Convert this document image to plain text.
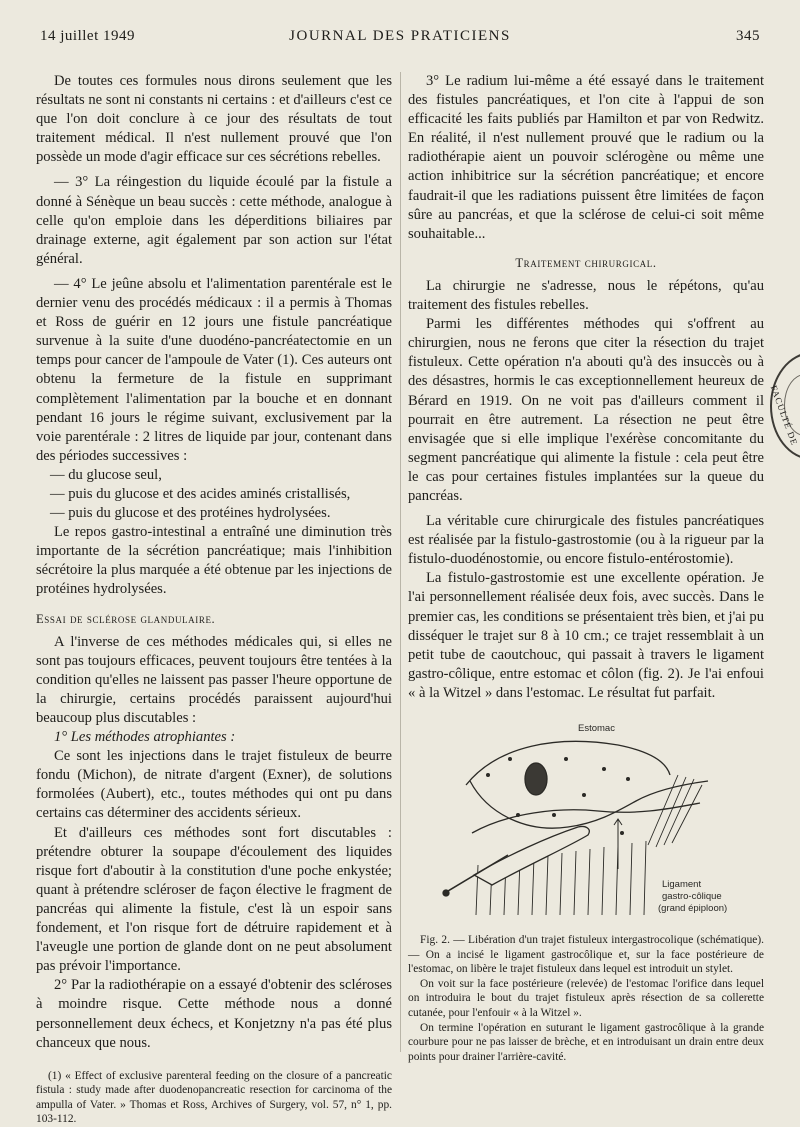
14 juillet 1949	JOURNAL DES PRATICIENS	345

De toutes ces formules nous dirons seulement que les résultats ne sont ni constants ni certains : et d'ailleurs c'est ce que l'on doit conclure à ce jour des résultats de tout traitement médical. Il n'est nullement prouvé que l'on possède un mode d'agir efficace sur ces sécrétions rebelles.

— 3° La réingestion du liquide écoulé par la fistule a donné à Sénèque un beau succès : cette méthode, analogue à celle qu'on emploie dans les déperditions biliaires par drainage externe, agit également par son action sur l'état général.

— 4° Le jeûne absolu et l'alimentation parentérale est le dernier venu des procédés médicaux : il a permis à Thomas et Ross de guérir en 12 jours une fistule pancréatique survenue à la suite d'une duodéno-pancréatectomie en un temps pour cancer de l'ampoule de Vater (1). Ces auteurs ont obtenu la fermeture de la fistule en supprimant complètement l'alimentation par la bouche et en donnant pendant 16 jours le régime suivant, exclusivement par la voie parentérale : 2 litres de liquide par jour, contenant dans des périodes successives :

— du glucose seul,
— puis du glucose et des acides aminés cristallisés,
— puis du glucose et des protéines hydrolysées.

Le repos gastro-intestinal a entraîné une diminution très importante de la sécrétion pancréatique; mais l'inhibition sécrétoire la plus marquée a été obtenue par les injections de protéines hydrolysées.

Essai de sclérose glandulaire.

A l'inverse de ces méthodes médicales qui, si elles ne sont pas toujours efficaces, peuvent toujours être tentées à la condition qu'elles ne laissent pas passer l'heure opportune de la chirurgie, certains procédés paraissent aujourd'hui beaucoup plus discutables :

1° Les méthodes atrophiantes :

Ce sont les injections dans le trajet fistuleux de beurre fondu (Michon), de nitrate d'argent (Exner), de solutions formolées (Aubert), etc., toutes méthodes qui ont pu dans certains cas déterminer des accidents sérieux.

Et d'ailleurs ces méthodes sont fort discutables : prétendre obturer la soupape d'écoulement des liquides risque fort d'aboutir à la constitution d'une poche enkystée; quant à prétendre scléroser de façon élective le fragment de pancréas qui alimente la fistule, c'est là un espoir sans fondement, et l'on risque fort de détruire rapidement et à l'aveugle une portion de glande dont on ne peut absolument pas prévoir l'importance.

2° Par la radiothérapie on a essayé d'obtenir des scléroses à moindre risque. Cette méthode nous a donné personnellement deux échecs, et Konjetzny n'a pas été plus chanceux que nous.

(1) « Effect of exclusive parenteral feeding on the closure of a pancreatic fistula : study made after duodenopancreatic resection for carcinoma of the ampulla of Vater. » Thomas et Ross, Archives of Surgery, vol. 57, n° 1, pp. 103-112.

3° Le radium lui-même a été essayé dans le traitement des fistules pancréatiques, et l'on cite à l'appui de son efficacité les faits publiés par Hamilton et par von Redwitz. En réalité, il n'est nullement prouvé que le radium ou la radiothérapie aient un pouvoir sclérogène ou même une action inhibitrice sur la sécrétion pancréatique; et encore faudrait-il que les radiations puissent être limitées de façon sûre au pancréas, et que la sclérose de celui-ci soit même souhaitable...

Traitement chirurgical.

La chirurgie ne s'adresse, nous le répétons, qu'au traitement des fistules rebelles.

Parmi les différentes méthodes qui s'offrent au chirurgien, nous ne ferons que citer la résection du trajet fistuleux. Cette opération n'a abouti qu'à des insuccès ou à des désastres, hormis le cas exceptionnellement heureux de Bérard en 1919. On ne voit pas d'ailleurs comment il pourrait en être autrement. La résection ne peut être envisagée que si elle implique l'exérèse concomitante du segment pancréatique qui alimente la fistule : cela peut être le cas pour certaines fistules implantées sur la queue du pancréas.

La véritable cure chirurgicale des fistules pancréatiques est réalisée par la fistulo-gastrostomie (ou à la rigueur par la fistulo-duodénostomie, ou encore fistulo-entérostomie).

La fistulo-gastrostomie est une excellente opération. Je l'ai personnellement réalisée deux fois, avec succès. Dans le premier cas, les conditions se présentaient très bien, et j'ai pu disséquer le trajet sur 8 à 10 cm.; ce trajet ressemblait à un petit tube de caoutchouc, qui passait à travers le ligament gastro-côlique, entre estomac et côlon (fig. 2). Je l'ai enfoui « à la Witzel » dans l'estomac. Le résultat fut parfait.

Estomac
Ligament
gastro-côlique
(grand épiploon)

Fig. 2. — Libération d'un trajet fistuleux intergastrocolique (schématique). — On a incisé le ligament gastrocôlique et, sur la face postérieure de l'estomac, on libère le trajet fistuleux dans lequel est introduit un stylet.

On voit sur la face postérieure (relevée) de l'estomac l'orifice dans lequel on introduira le bout du trajet fistuleux après résection de sa collerette cutanée, pour l'enfouir « à la Witzel ».

On termine l'opération en suturant le ligament gastrocôlique à la grande courbure pour ne pas laisser de brèche, et en introduisant un drain entre deux points pour drainer l'arrière-cavité.

FACULTÉ DE
